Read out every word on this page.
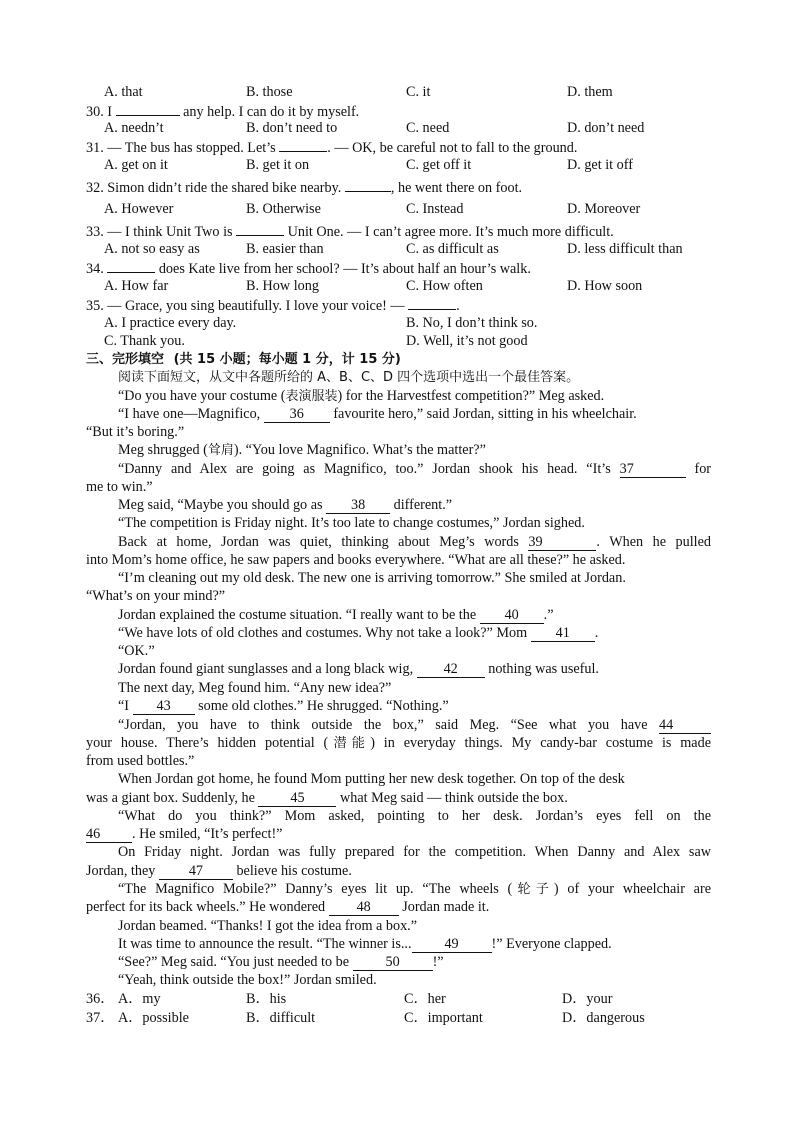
A. that	B. those	C. it	D. them
30. I	any help. I can do it by myself.
A. needn’t	B. don’t need to	C. need	D. don’t need
31. — The bus has stopped. Let’s	. — OK, be careful not to fall to the ground.
A. get on it	B. get it on	C. get off it	D. get it off
32. Simon didn’t ride the shared bike nearby.	, he went there on foot.
A. However	B. Otherwise	C. Instead	D. Moreover
33. — I think Unit Two is	Unit One. — I can’t agree more. It’s much more difficult.
A. not so easy as	B. easier than	C. as difficult as	D. less difficult than
34.	does Kate live from her school? — It’s about half an hour’s walk.
A. How far	B. How long	C. How often	D. How soon
35. — Grace, you sing beautifully. I love your voice! —	.
A. I practice every day.	B. No, I don’t think so.
C. Thank you.	D. Well, it’s not good
三、完形填空 (共 15 小题；每小题 1 分，计 15 分)
阅读下面短文，从文中各题所给的 A、B、C、D 四个选项中选出一个最佳答案。
“Do you have your costume (表演服装) for the Harvestfest competition?” Meg asked.
“I have one—Magnifico, 36 favourite hero,” said Jordan, sitting in his wheelchair.
“But it’s boring.”
Meg shrugged (耸肩). “You love Magnifico. What’s the matter?”
“Danny and Alex are going as Magnifico, too.” Jordan shook his head. “It’s 37	for
me to win.”
Meg said, “Maybe you should go as 38 different.”
“The competition is Friday night. It’s too late to change costumes,” Jordan sighed.
Back at home, Jordan was quiet, thinking about Meg’s words 39	. When he pulled
into Mom’s home office, he saw papers and books everywhere. “What are all these?” he asked.
“I’m cleaning out my old desk. The new one is arriving tomorrow.” She smiled at Jordan.
“What’s on your mind?”
Jordan explained the costume situation. “I really want to be the 40 .”
“We have lots of old clothes and costumes. Why not take a look?” Mom 41 .
“OK.”
Jordan found giant sunglasses and a long black wig, 42 nothing was useful.
The next day, Meg found him. “Any new idea?”
“I 43 some old clothes.” He shrugged. “Nothing.”
“Jordan, you have to think outside the box,” said Meg. “See what you have 44
your house. There’s hidden potential (潜能) in everyday things. My candy-bar costume is made
from used bottles.”
When Jordan got home, he found Mom putting her new desk together. On top of the desk
was a giant box. Suddenly, he 45 what Meg said — think outside the box.
“What do you think?” Mom asked, pointing to her desk. Jordan’s eyes fell on the
46 . He smiled, “It’s perfect!”
On Friday night. Jordan was fully prepared for the competition. When Danny and Alex saw
Jordan, they 47 believe his costume.
“The Magnifico Mobile?” Danny’s eyes lit up. “The wheels (轮子) of your wheelchair are
perfect for its back wheels.” He wondered 48 Jordan made it.
Jordan beamed. “Thanks! I got the idea from a box.”
It was time to announce the result. “The winner is... 49 !” Everyone clapped.
“See?” Meg said. “You just needed to be	50 !”
“Yeah, think outside the box!” Jordan smiled.
36． A．my	B．his	C．her	D．your
37． A．possible	B．difficult	C．important	D．dangerous
